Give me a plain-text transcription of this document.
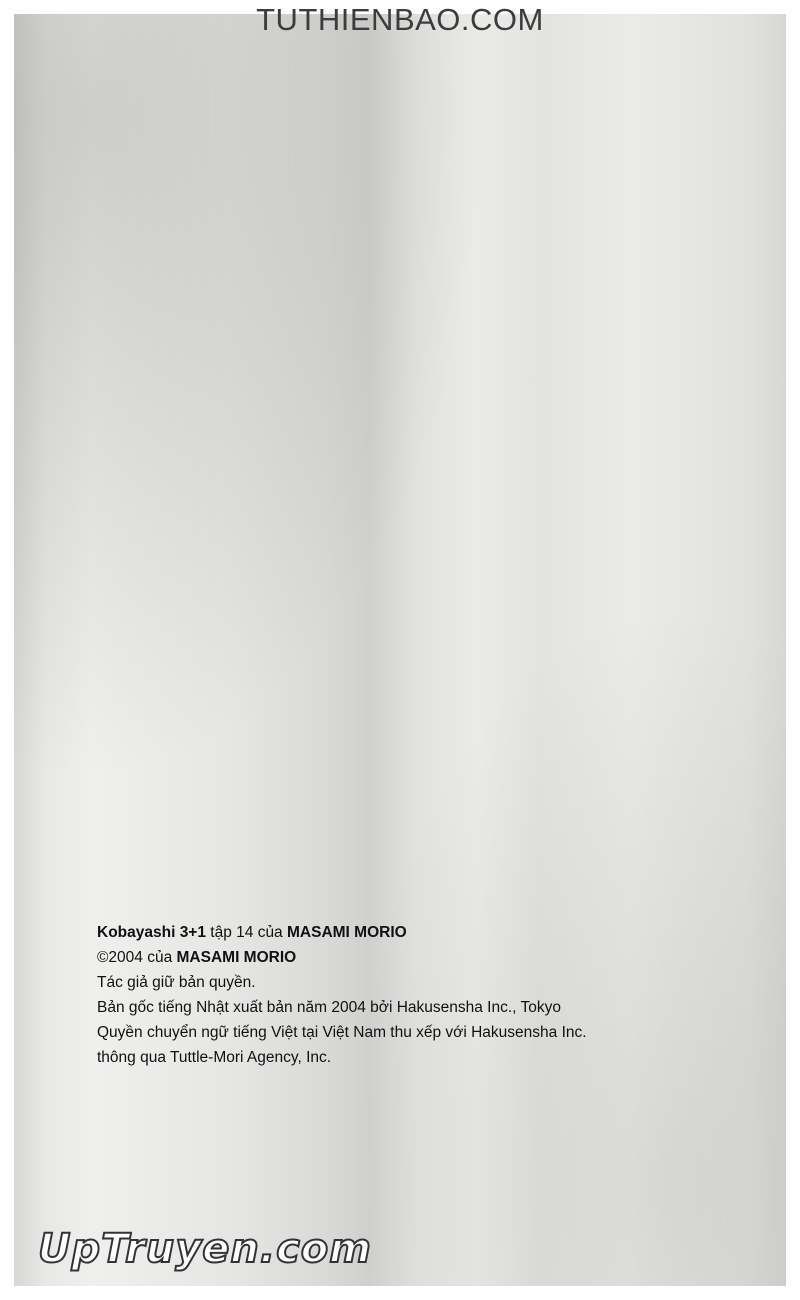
TUTHIENBAO.COM
Kobayashi 3+1 tập 14 của MASAMI MORIO
©2004 của MASAMI MORIO
Tác giả giữ bản quyền.
Bản gốc tiếng Nhật xuất bản năm 2004 bởi Hakusensha Inc., Tokyo
Quyền chuyển ngữ tiếng Việt tại Việt Nam thu xếp với Hakusensha Inc.
thông qua Tuttle-Mori Agency, Inc.
UpTruyen.com
